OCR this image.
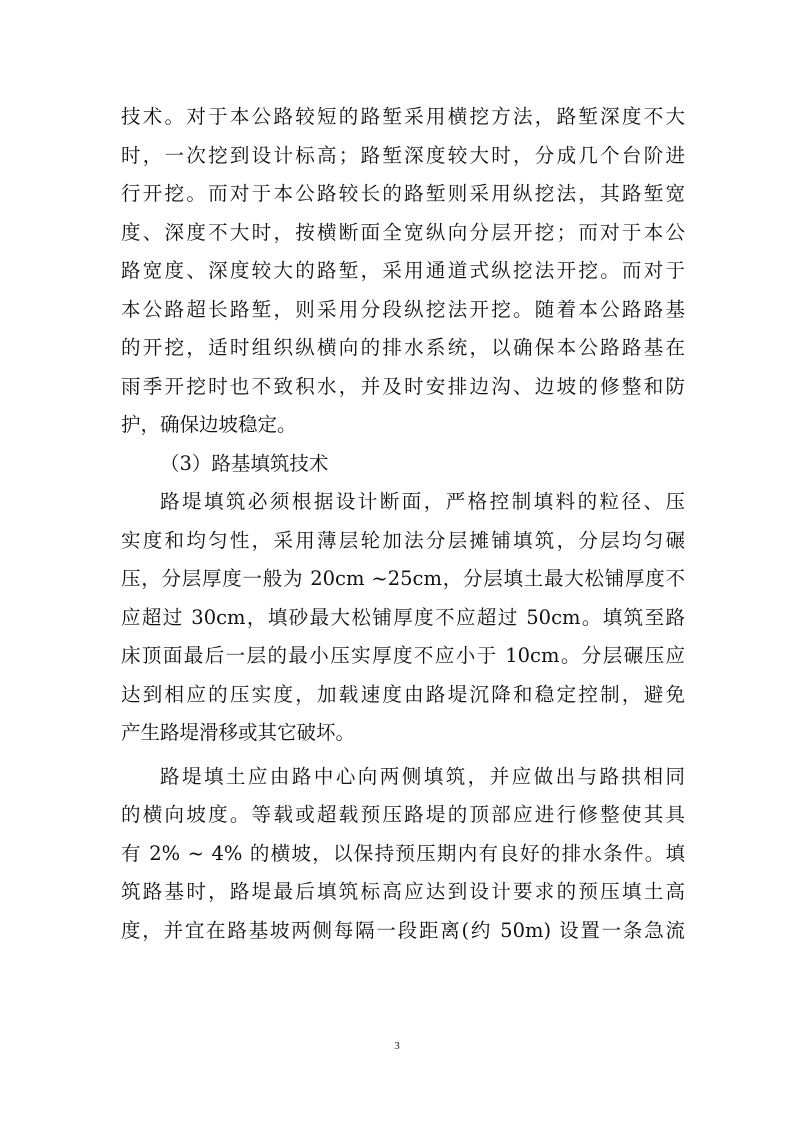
技术。对于本公路较短的路堑采用横挖方法，路堑深度不大
时，一次挖到设计标高；路堑深度较大时，分成几个台阶进
行开挖。而对于本公路较长的路堑则采用纵挖法，其路堑宽
度、深度不大时，按横断面全宽纵向分层开挖；而对于本公
路宽度、深度较大的路堑，采用通道式纵挖法开挖。而对于
本公路超长路堑，则采用分段纵挖法开挖。随着本公路路基
的开挖，适时组织纵横向的排水系统，以确保本公路路基在
雨季开挖时也不致积水，并及时安排边沟、边坡的修整和防
护，确保边坡稳定。
（3）路基填筑技术
路堤填筑必须根据设计断面，严格控制填料的粒径、压
实度和均匀性，采用薄层轮加法分层摊铺填筑，分层均匀碾
压，分层厚度一般为 20cm ~25cm，分层填土最大松铺厚度不
应超过 30cm，填砂最大松铺厚度不应超过 50cm。填筑至路
床顶面最后一层的最小压实厚度不应小于 10cm。分层碾压应
达到相应的压实度，加载速度由路堤沉降和稳定控制，避免
产生路堤滑移或其它破坏。
路堤填土应由路中心向两侧填筑，并应做出与路拱相同
的横向坡度。等载或超载预压路堤的顶部应进行修整使其具
有 2% ~ 4% 的横坡，以保持预压期内有良好的排水条件。填
筑路基时，路堤最后填筑标高应达到设计要求的预压填土高
度，并宜在路基坡两侧每隔一段距离(约 50m) 设置一条急流
3
